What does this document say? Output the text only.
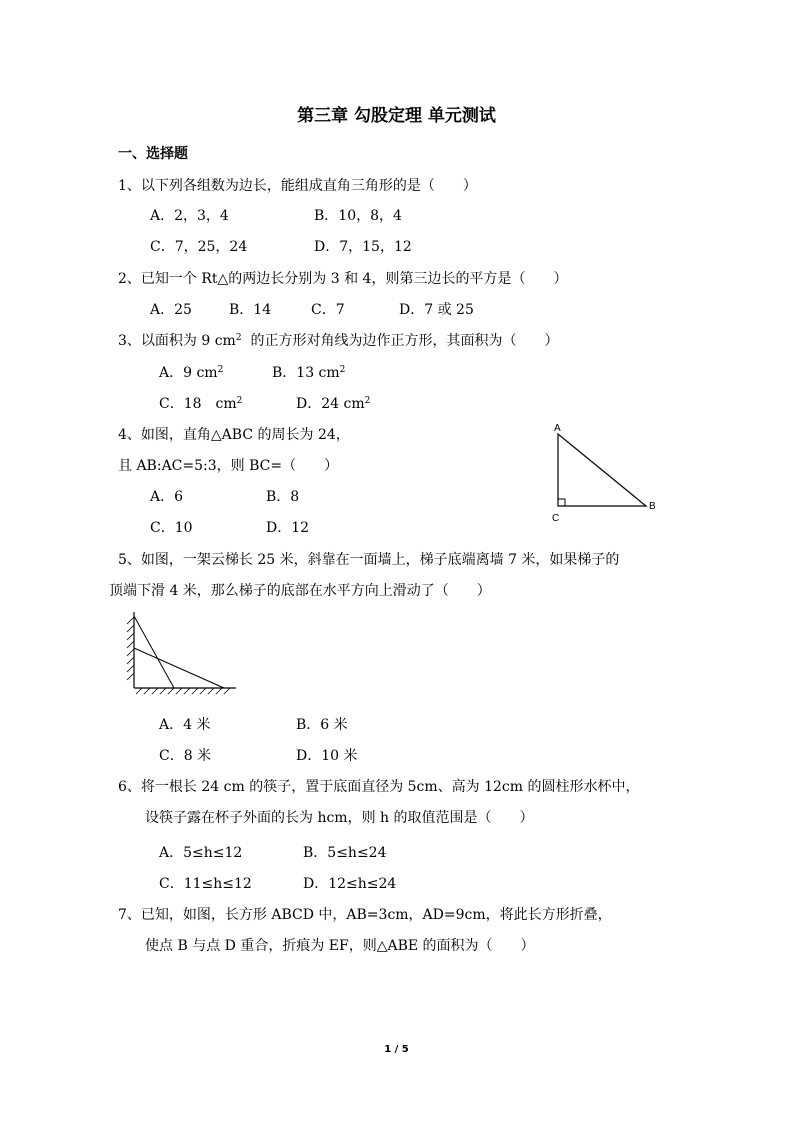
第三章 勾股定理 单元测试
一、选择题
1、以下列各组数为边长，能组成直角三角形的是（　　）
A．2，3，4	B．10，8，4
C．7，25，24	D．7，15，12
2、已知一个 Rt△的两边长分别为 3 和 4，则第三边长的平方是（　　）
A．25	B．14	C．7	D．7 或 25
3、以面积为 9 $cm^2$ 的正方形对角线为边作正方形，其面积为（　　）
A．9 $cm^2$	B．13 $cm^2$
C．18　$cm^2$	D．24 $cm^2$
4、如图，直角△ABC 的周长为 24，
且 AB:AC=5:3，则 BC=（　　）
A．6	B．8
C．10	D．12
A
B
C
5、如图，一架云梯长 25 米，斜靠在一面墙上，梯子底端离墙 7 米，如果梯子的
顶端下滑 4 米，那么梯子的底部在水平方向上滑动了（　　）
A．4 米	B．6 米
C．8 米	D．10 米
6、将一根长 24 cm 的筷子，置于底面直径为 5cm、高为 12cm 的圆柱形水杯中，
设筷子露在杯子外面的长为 hcm，则 h 的取值范围是（　　）
A．5≤h≤12	B．5≤h≤24
C．11≤h≤12	D．12≤h≤24
7、已知，如图，长方形 ABCD 中，AB=3cm，AD=9cm，将此长方形折叠，
使点 B 与点 D 重合，折痕为 EF，则△ABE 的面积为（　　）
1 / 5
